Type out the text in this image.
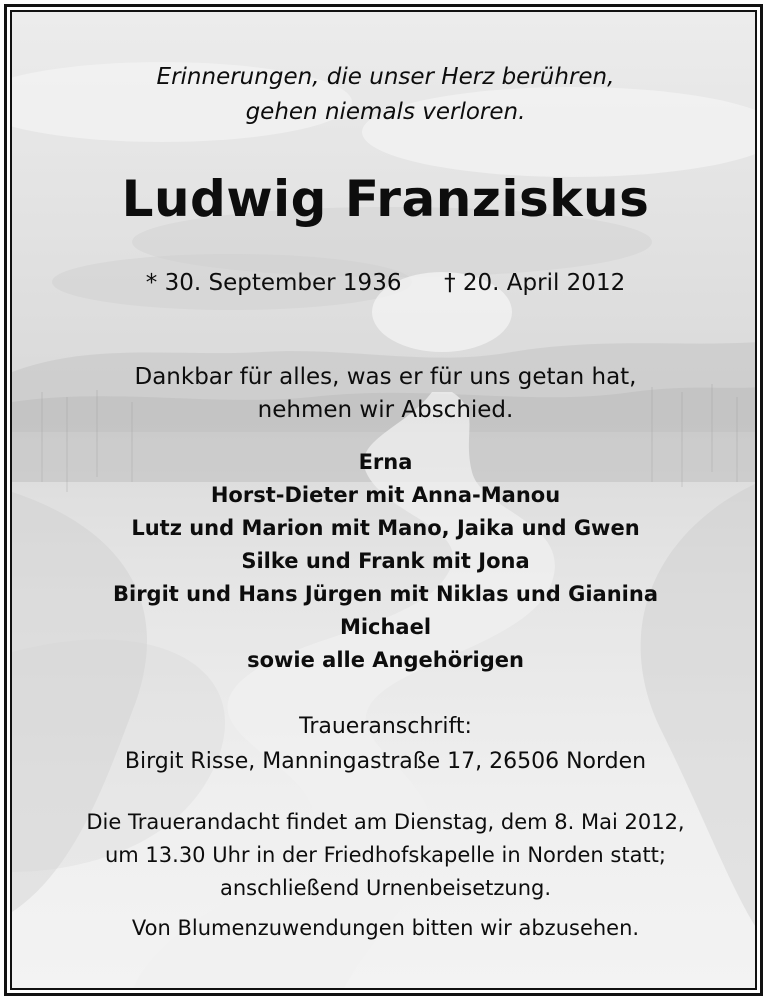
Erinnerungen, die unser Herz berühren,
gehen niemals verloren.
Ludwig Franziskus
* 30. September 1936 † 20. April 2012
Dankbar für alles, was er für uns getan hat,
nehmen wir Abschied.
Erna
Horst-Dieter mit Anna-Manou
Lutz und Marion mit Mano, Jaika und Gwen
Silke und Frank mit Jona
Birgit und Hans Jürgen mit Niklas und Gianina
Michael
sowie alle Angehörigen
Traueranschrift:
Birgit Risse, Manningastraße 17, 26506 Norden
Die Trauerandacht findet am Dienstag, dem 8. Mai 2012,
um 13.30 Uhr in der Friedhofskapelle in Norden statt;
anschließend Urnenbeisetzung.
Von Blumenzuwendungen bitten wir abzusehen.
